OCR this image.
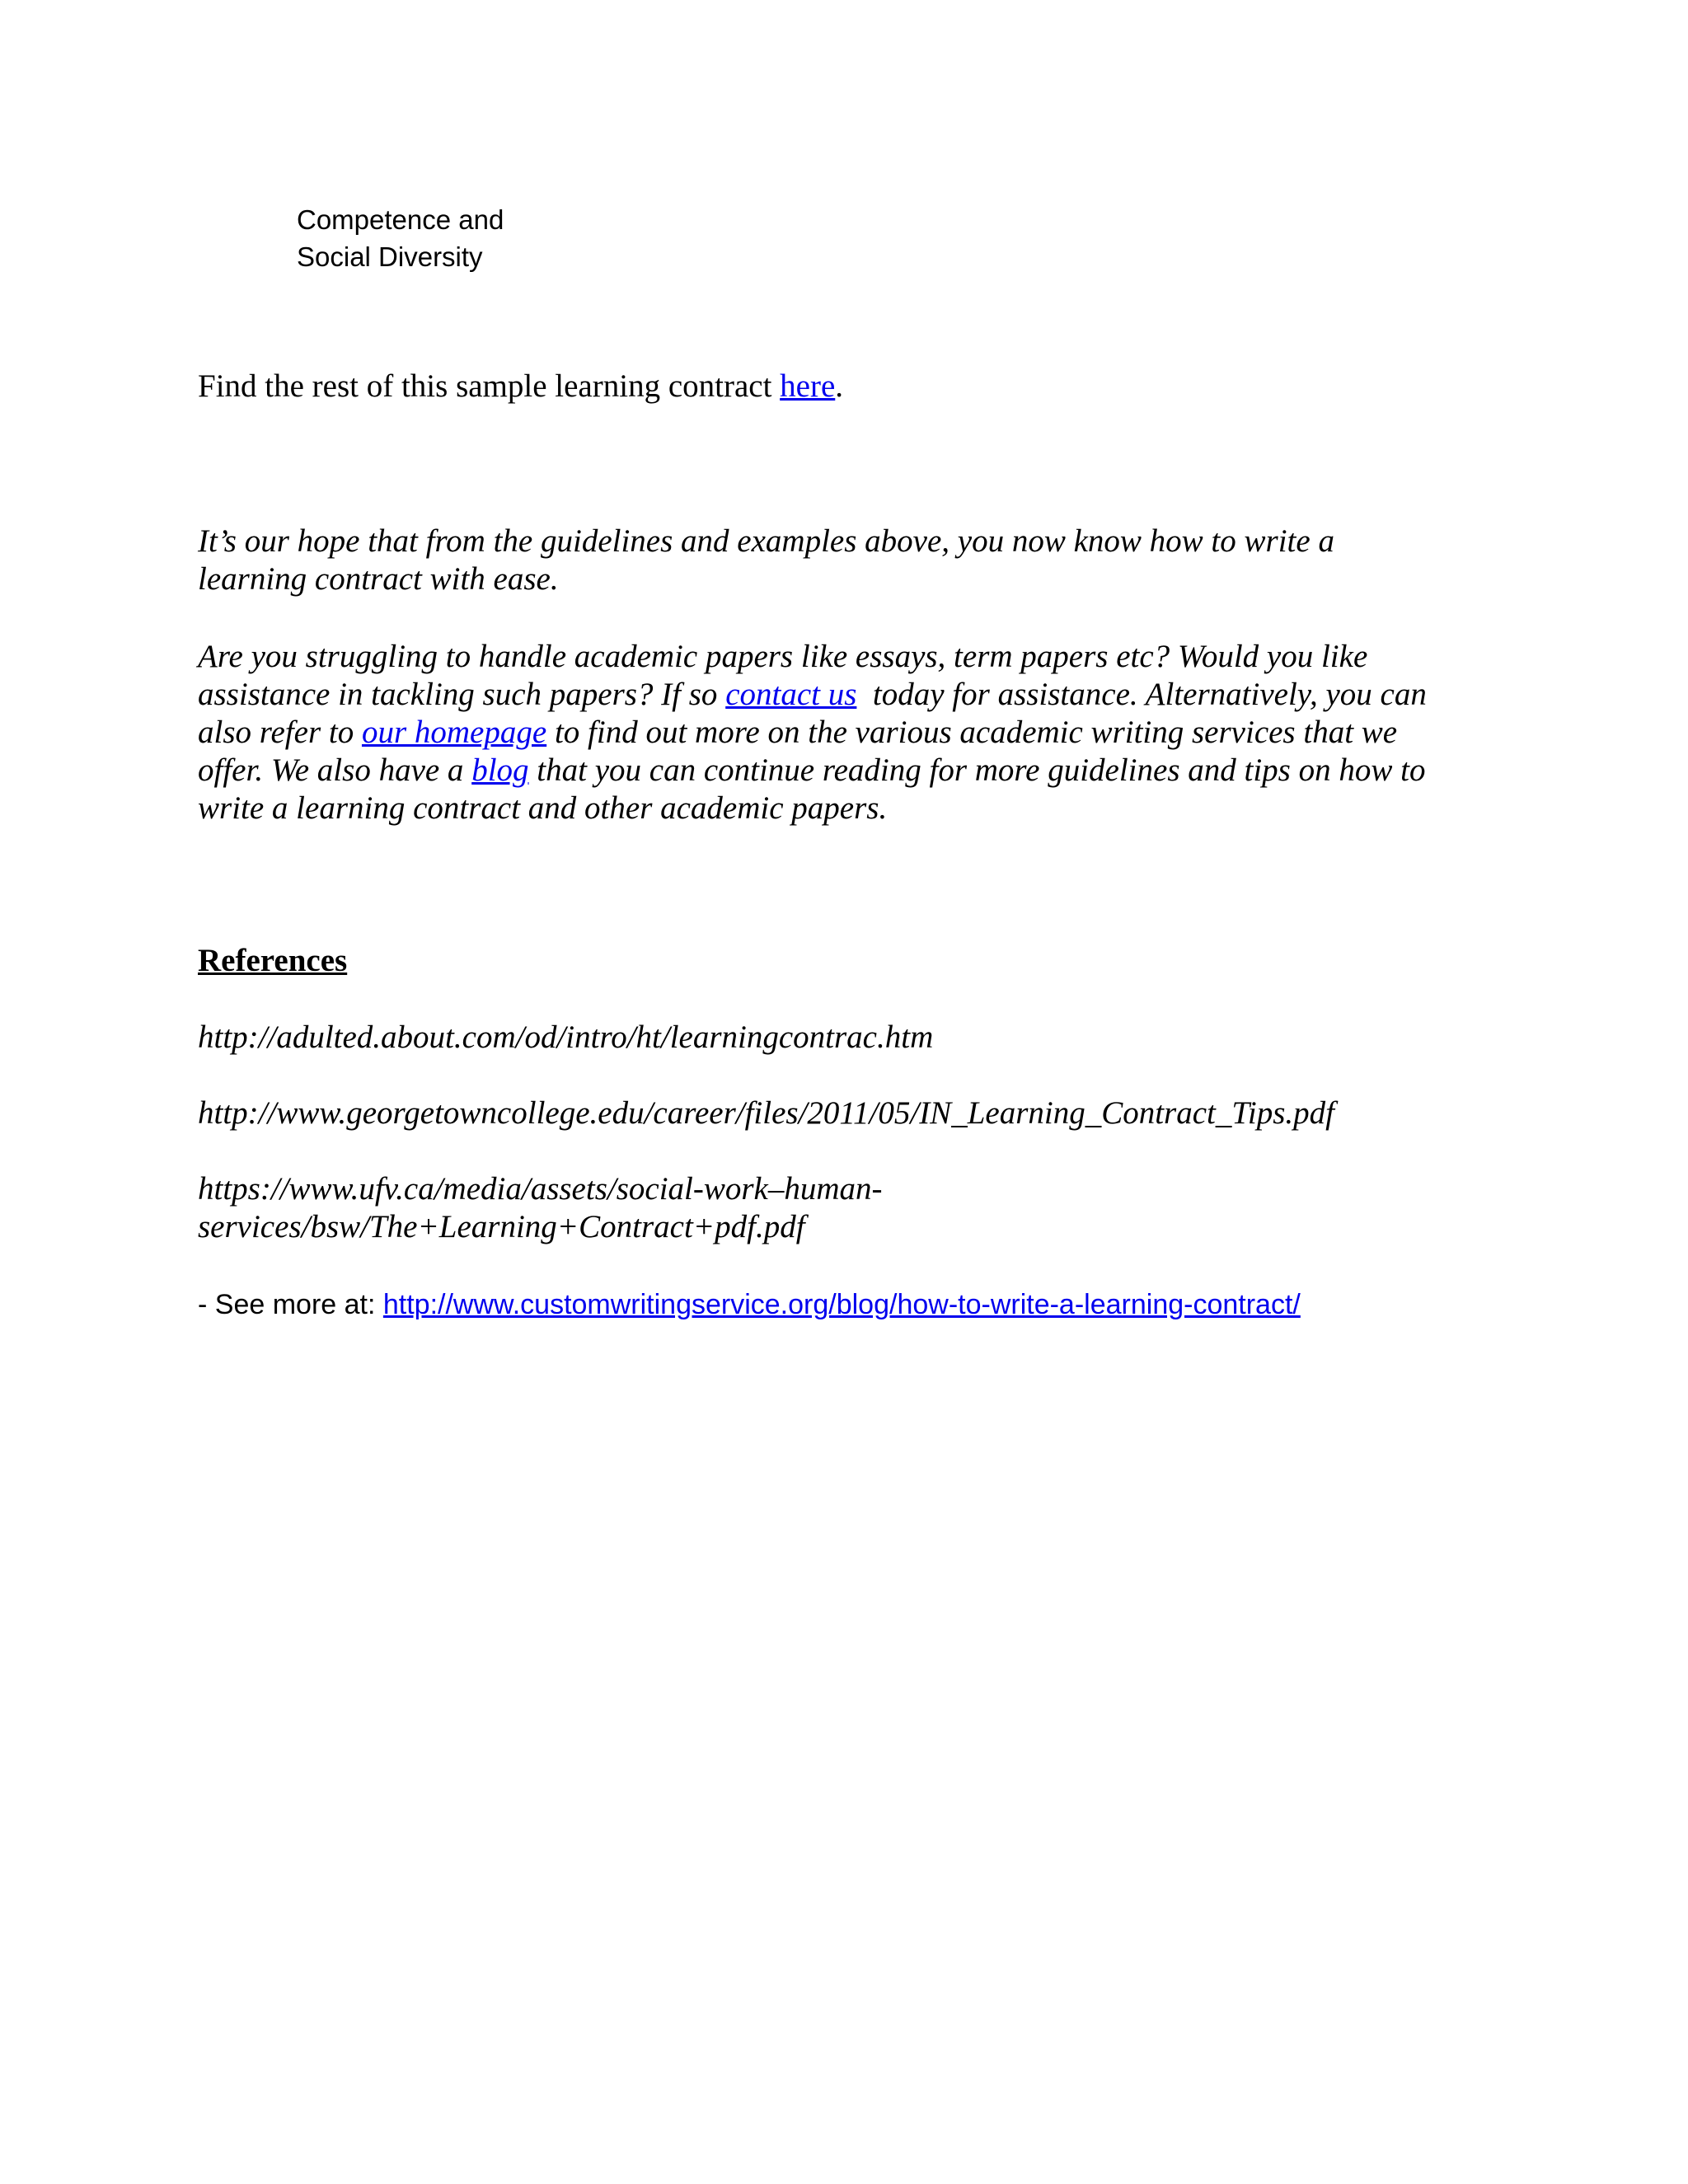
Competence and
Social Diversity
Find the rest of this sample learning contract here.
It’s our hope that from the guidelines and examples above, you now know how to write a
learning contract with ease.
Are you struggling to handle academic papers like essays, term papers etc? Would you like
assistance in tackling such papers? If so contact us  today for assistance. Alternatively, you can
also refer to our homepage to find out more on the various academic writing services that we
offer. We also have a blog that you can continue reading for more guidelines and tips on how to
write a learning contract and other academic papers.
References
http://adulted.about.com/od/intro/ht/learningcontrac.htm
http://www.georgetowncollege.edu/career/files/2011/05/IN_Learning_Contract_Tips.pdf
https://www.ufv.ca/media/assets/social-work–human-
services/bsw/The+Learning+Contract+pdf.pdf
- See more at: http://www.customwritingservice.org/blog/how-to-write-a-learning-contract/
